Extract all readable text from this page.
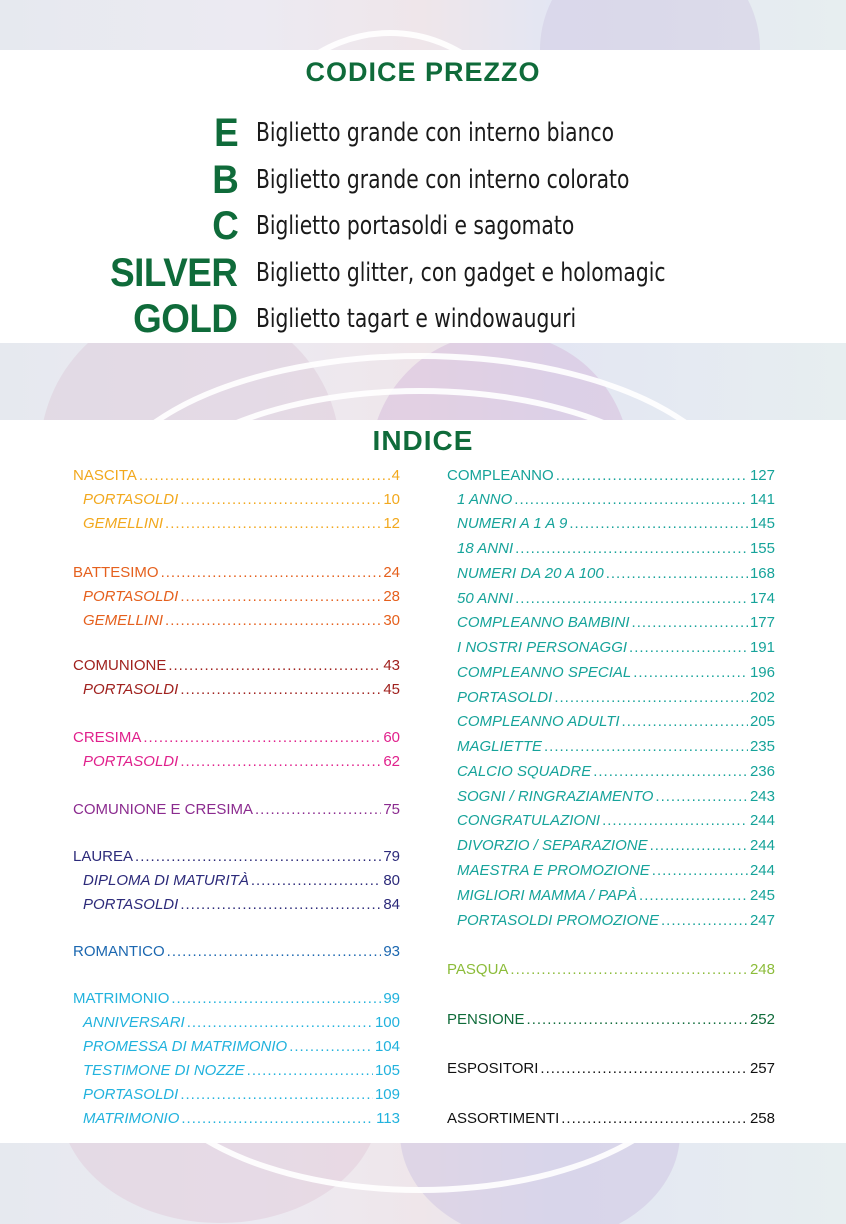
CODICE PREZZO
E Biglietto grande con interno bianco
B Biglietto grande con interno colorato
C Biglietto portasoldi e sagomato
SILVER Biglietto glitter, con gadget e holomagic
GOLD Biglietto tagart e windowauguri
INDICE
NASCITA .....	4
PORTASOLDI .....	10
GEMELLINI .....	12
BATTESIMO .....	24
PORTASOLDI .....	28
GEMELLINI .....	30
COMUNIONE .....	43
PORTASOLDI .....	45
CRESIMA .....	60
PORTASOLDI .....	62
COMUNIONE E CRESIMA .....	75
LAUREA .....	79
DIPLOMA DI MATURITÀ .....	80
PORTASOLDI .....	84
ROMANTICO .....	93
MATRIMONIO .....	99
ANNIVERSARI .....	100
PROMESSA DI MATRIMONIO .....	104
TESTIMONE DI NOZZE .....	105
PORTASOLDI .....	109
MATRIMONIO .....	113
COMPLEANNO .....	127
1 ANNO .....	141
NUMERI A 1 A 9 .....	145
18 ANNI .....	155
NUMERI DA 20 A 100 .....	168
50 ANNI .....	174
COMPLEANNO BAMBINI .....	177
I NOSTRI PERSONAGGI .....	191
COMPLEANNO SPECIAL .....	196
PORTASOLDI .....	202
COMPLEANNO ADULTI .....	205
MAGLIETTE .....	235
CALCIO SQUADRE .....	236
SOGNI / RINGRAZIAMENTO .....	243
CONGRATULAZIONI .....	244
DIVORZIO / SEPARAZIONE .....	244
MAESTRA E PROMOZIONE .....	244
MIGLIORI MAMMA / PAPÀ .....	245
PORTASOLDI PROMOZIONE .....	247
PASQUA .....	248
PENSIONE .....	252
ESPOSITORI .....	257
ASSORTIMENTI .....	258
